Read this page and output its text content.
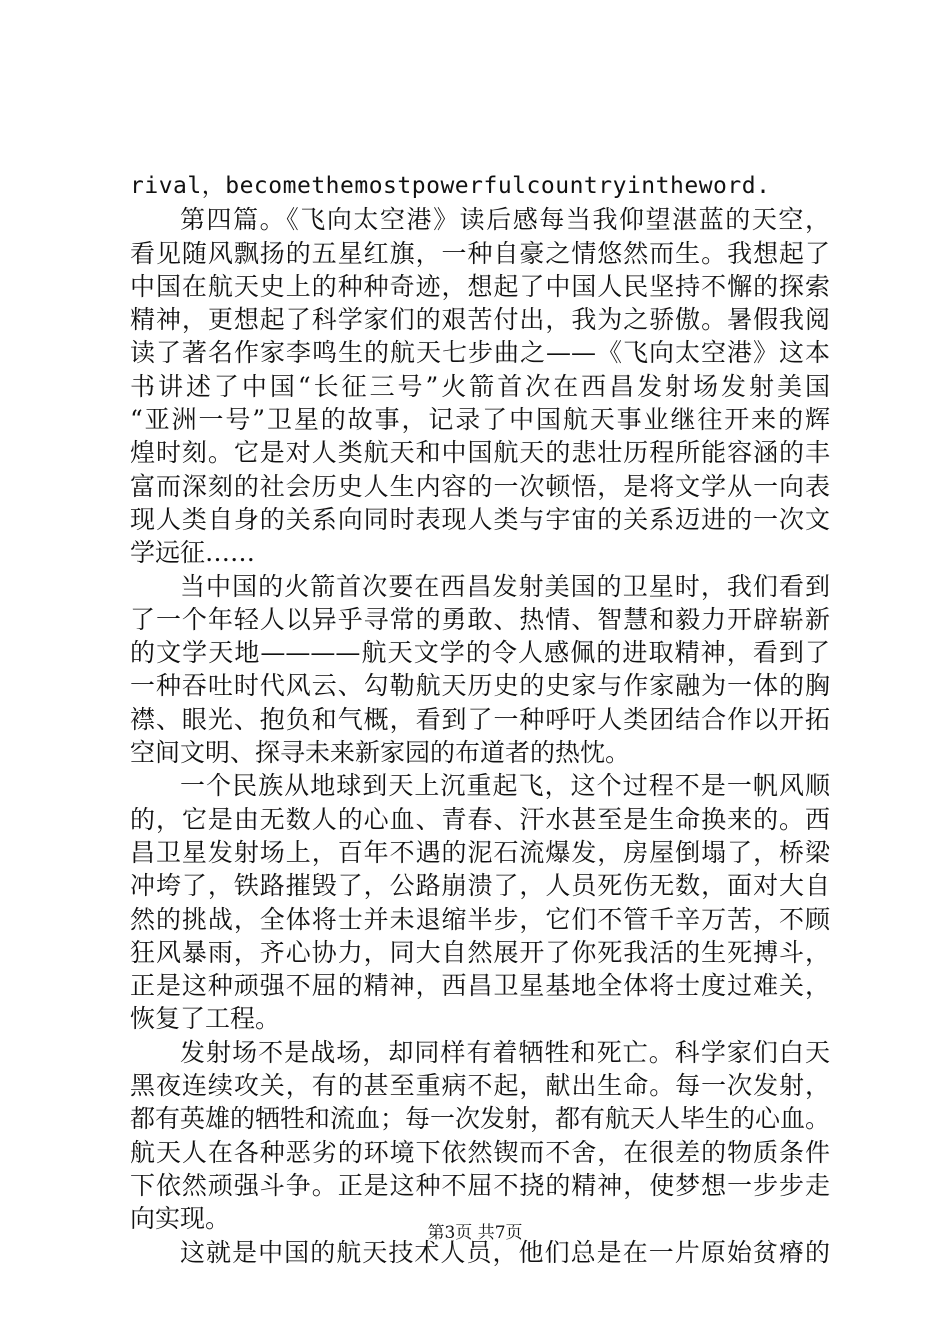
rival，becomethemostpowerfulcountryintheword.
第四篇。《飞向太空港》读后感每当我仰望湛蓝的天空，
看见随风飘扬的五星红旗，一种自豪之情悠然而生。我想起了
中国在航天史上的种种奇迹，想起了中国人民坚持不懈的探索
精神，更想起了科学家们的艰苦付出，我为之骄傲。暑假我阅
读了著名作家李鸣生的航天七步曲之——《飞向太空港》这本
书讲述了中国“长征三号”火箭首次在西昌发射场发射美国
“亚洲一号”卫星的故事，记录了中国航天事业继往开来的辉
煌时刻。它是对人类航天和中国航天的悲壮历程所能容涵的丰
富而深刻的社会历史人生内容的一次顿悟，是将文学从一向表
现人类自身的关系向同时表现人类与宇宙的关系迈进的一次文
学远征……
当中国的火箭首次要在西昌发射美国的卫星时，我们看到
了一个年轻人以异乎寻常的勇敢、热情、智慧和毅力开辟崭新
的文学天地————航天文学的令人感佩的进取精神，看到了
一种吞吐时代风云、勾勒航天历史的史家与作家融为一体的胸
襟、眼光、抱负和气概，看到了一种呼吁人类团结合作以开拓
空间文明、探寻未来新家园的布道者的热忱。
一个民族从地球到天上沉重起飞，这个过程不是一帆风顺
的，它是由无数人的心血、青春、汗水甚至是生命换来的。西
昌卫星发射场上，百年不遇的泥石流爆发，房屋倒塌了，桥梁
冲垮了，铁路摧毁了，公路崩溃了，人员死伤无数，面对大自
然的挑战，全体将士并未退缩半步，它们不管千辛万苦，不顾
狂风暴雨，齐心协力，同大自然展开了你死我活的生死搏斗，
正是这种顽强不屈的精神，西昌卫星基地全体将士度过难关，
恢复了工程。
发射场不是战场，却同样有着牺牲和死亡。科学家们白天
黑夜连续攻关，有的甚至重病不起，献出生命。每一次发射，
都有英雄的牺牲和流血；每一次发射，都有航天人毕生的心血。
航天人在各种恶劣的环境下依然锲而不舍，在很差的物质条件
下依然顽强斗争。正是这种不屈不挠的精神，使梦想一步步走
向实现。
这就是中国的航天技术人员，他们总是在一片原始贫瘠的
第3页 共7页
